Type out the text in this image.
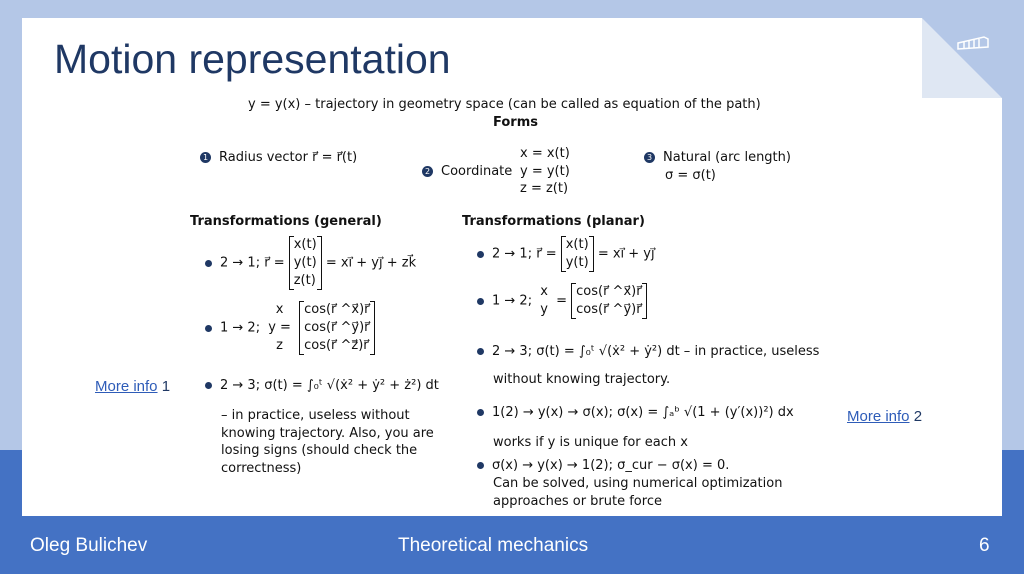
Motion representation
y = y(x) – trajectory in geometry space (can be called as equation of the path)
Forms
1 Radius vector r⃗ = r⃗(t)
2 Coordinate
x = x(t)
y = y(t)
z = z(t)
3 Natural (arc length)
σ = σ(t)
Transformations (general)
2 → 1; r⃗ =
x(t)
y(t)
z(t)
= xi⃗ + yj⃗ + zk⃗
1 → 2;
x
y =
z

cos(r⃗ ^x⃗)r⃗
cos(r⃗ ^y⃗)r⃗
cos(r⃗ ^z⃗)r⃗
2 → 3; σ(t) = ∫₀ᵗ √(ẋ² + ẏ² + ż²) dt
– in practice, useless without
knowing trajectory. Also, you are
losing signs (should check the
correctness)
Transformations (planar)
2 → 1; r⃗ =
x(t)
y(t)
= xi⃗ + yj⃗
1 → 2;
x
y
=
cos(r⃗ ^x⃗)r⃗
cos(r⃗ ^y⃗)r⃗
2 → 3; σ(t) = ∫₀ᵗ √(ẋ² + ẏ²) dt – in practice, useless
without knowing trajectory.
1(2) → y(x) → σ(x); σ(x) = ∫ₐᵇ √(1 + (y′(x))²) dx
works if y is unique for each x
σ(x) → y(x) → 1(2); σ_cur − σ(x) = 0.
Can be solved, using numerical optimization
approaches or brute force
More info 1
More info 2
Oleg Bulichev	Theoretical mechanics	6
